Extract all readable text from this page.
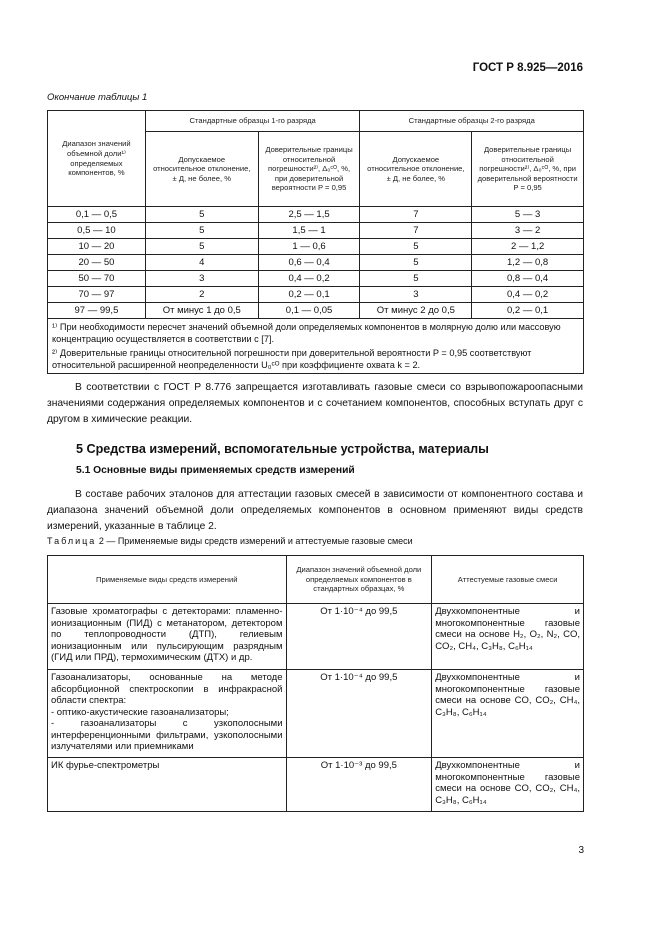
ГОСТ Р 8.925—2016
Окончание таблицы 1
Диапазон значений объемной доли¹⁾ определяемых компонентов, %	Стандартные образцы 1-го разряда		Стандартные образцы 2-го разряда	
	Допускаемое относительное отклонение, ± Д, не более, %	Доверительные границы относительной погрешности²⁾, Δ₀ᶜᴼ, %, при доверительной вероятности P = 0,95	Допускаемое относительное отклонение, ± Д, не более, %	Доверительные границы относительной погрешности²⁾, Δ₀ᶜᴼ, %, при доверительной вероятности P = 0,95
0,1 — 0,5	5	2,5 — 1,5	7	5 — 3
0,5 — 10	5	1,5 — 1	7	3 — 2
10 — 20	5	1 — 0,6	5	2 — 1,2
20 — 50	4	0,6 — 0,4	5	1,2 — 0,8
50 — 70	3	0,4 — 0,2	5	0,8 — 0,4
70 — 97	2	0,2 — 0,1	3	0,4 — 0,2
97 — 99,5	От минус 1 до 0,5	0,1 — 0,05	От минус 2 до 0,5	0,2 — 0,1

¹⁾ При необходимости пересчет значений объемной доли определяемых компонентов в молярную долю или массовую концентрацию осуществляется в соответствии с [7].
²⁾ Доверительные границы относительной погрешности при доверительной вероятности P = 0,95 соответствуют относительной расширенной неопределенности U₀ᶜᴼ при коэффициенте охвата k = 2.				
В соответствии с ГОСТ Р 8.776 запрещается изготавливать газовые смеси со взрывопожароопасными значениями содержания определяемых компонентов и с сочетанием компонентов, способных вступать друг с другом в химические реакции.
5 Средства измерений, вспомогательные устройства, материалы
5.1 Основные виды применяемых средств измерений
В составе рабочих эталонов для аттестации газовых смесей в зависимости от компонентного состава и диапазона значений объемной доли определяемых компонентов в основном применяют виды средств измерений, указанные в таблице 2.
Таблица 2 — Применяемые виды средств измерений и аттестуемые газовые смеси
Применяемые виды средств измерений	Диапазон значений объемной доли определяемых компонентов в стандартных образцах, %	Аттестуемые газовые смеси
Газовые хроматографы с детекторами: пламенно-ионизационным (ПИД) с метанатором, детектором по теплопроводности (ДТП), гелиевым ионизационным или пульсирующим разрядным (ГИД или ПРД), термохимическим (ДТХ) и др.	От 1·10⁻⁴ до 99,5	Двухкомпонентные и многокомпонентные газовые смеси на основе H₂, O₂, N₂, CO, CO₂, CH₄, C₃H₈, C₆H₁₄
Газоанализаторы, основанные на методе абсорбционной спектроскопии в инфракрасной области спектра:
- оптико-акустические газоанализаторы;
- газоанализаторы с узкополосными интерференционными фильтрами, узкополосными излучателями или приемниками	От 1·10⁻⁴ до 99,5	Двухкомпонентные и многокомпонентные газовые смеси на основе CO, CO₂, CH₄, C₃H₈, C₆H₁₄
ИК фурье-спектрометры	От 1·10⁻³ до 99,5	Двухкомпонентные и многокомпонентные газовые смеси на основе CO, CO₂, CH₄, C₃H₈, C₆H₁₄
3
